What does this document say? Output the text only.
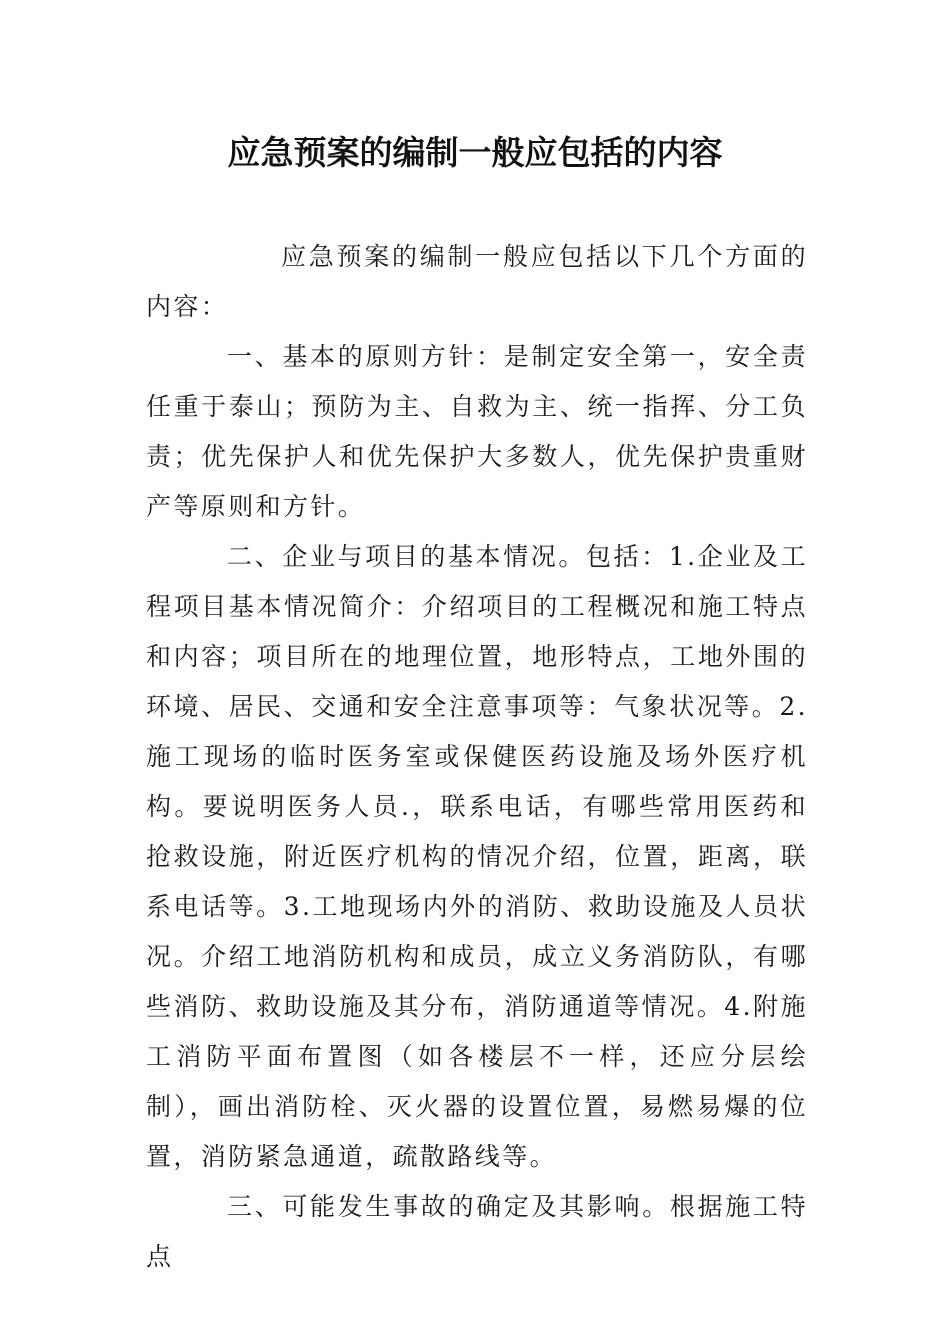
应急预案的编制一般应包括的内容

应急预案的编制一般应包括以下几个方面的内容：

一、基本的原则方针：是制定安全第一，安全责任重于泰山；预防为主、自救为主、统一指挥、分工负责；优先保护人和优先保护大多数人，优先保护贵重财产等原则和方针。

二、企业与项目的基本情况。包括：1.企业及工程项目基本情况简介：介绍项目的工程概况和施工特点和内容；项目所在的地理位置，地形特点，工地外围的环境、居民、交通和安全注意事项等：气象状况等。2.施工现场的临时医务室或保健医药设施及场外医疗机构。要说明医务人员.，联系电话，有哪些常用医药和抢救设施，附近医疗机构的情况介绍，位置，距离，联系电话等。3.工地现场内外的消防、救助设施及人员状况。介绍工地消防机构和成员，成立义务消防队，有哪些消防、救助设施及其分布，消防通道等情况。4.附施工消防平面布置图（如各楼层不一样，还应分层绘制），画出消防栓、灭火器的设置位置，易燃易爆的位置，消防紧急通道，疏散路线等。

三、可能发生事故的确定及其影响。根据施工特点
